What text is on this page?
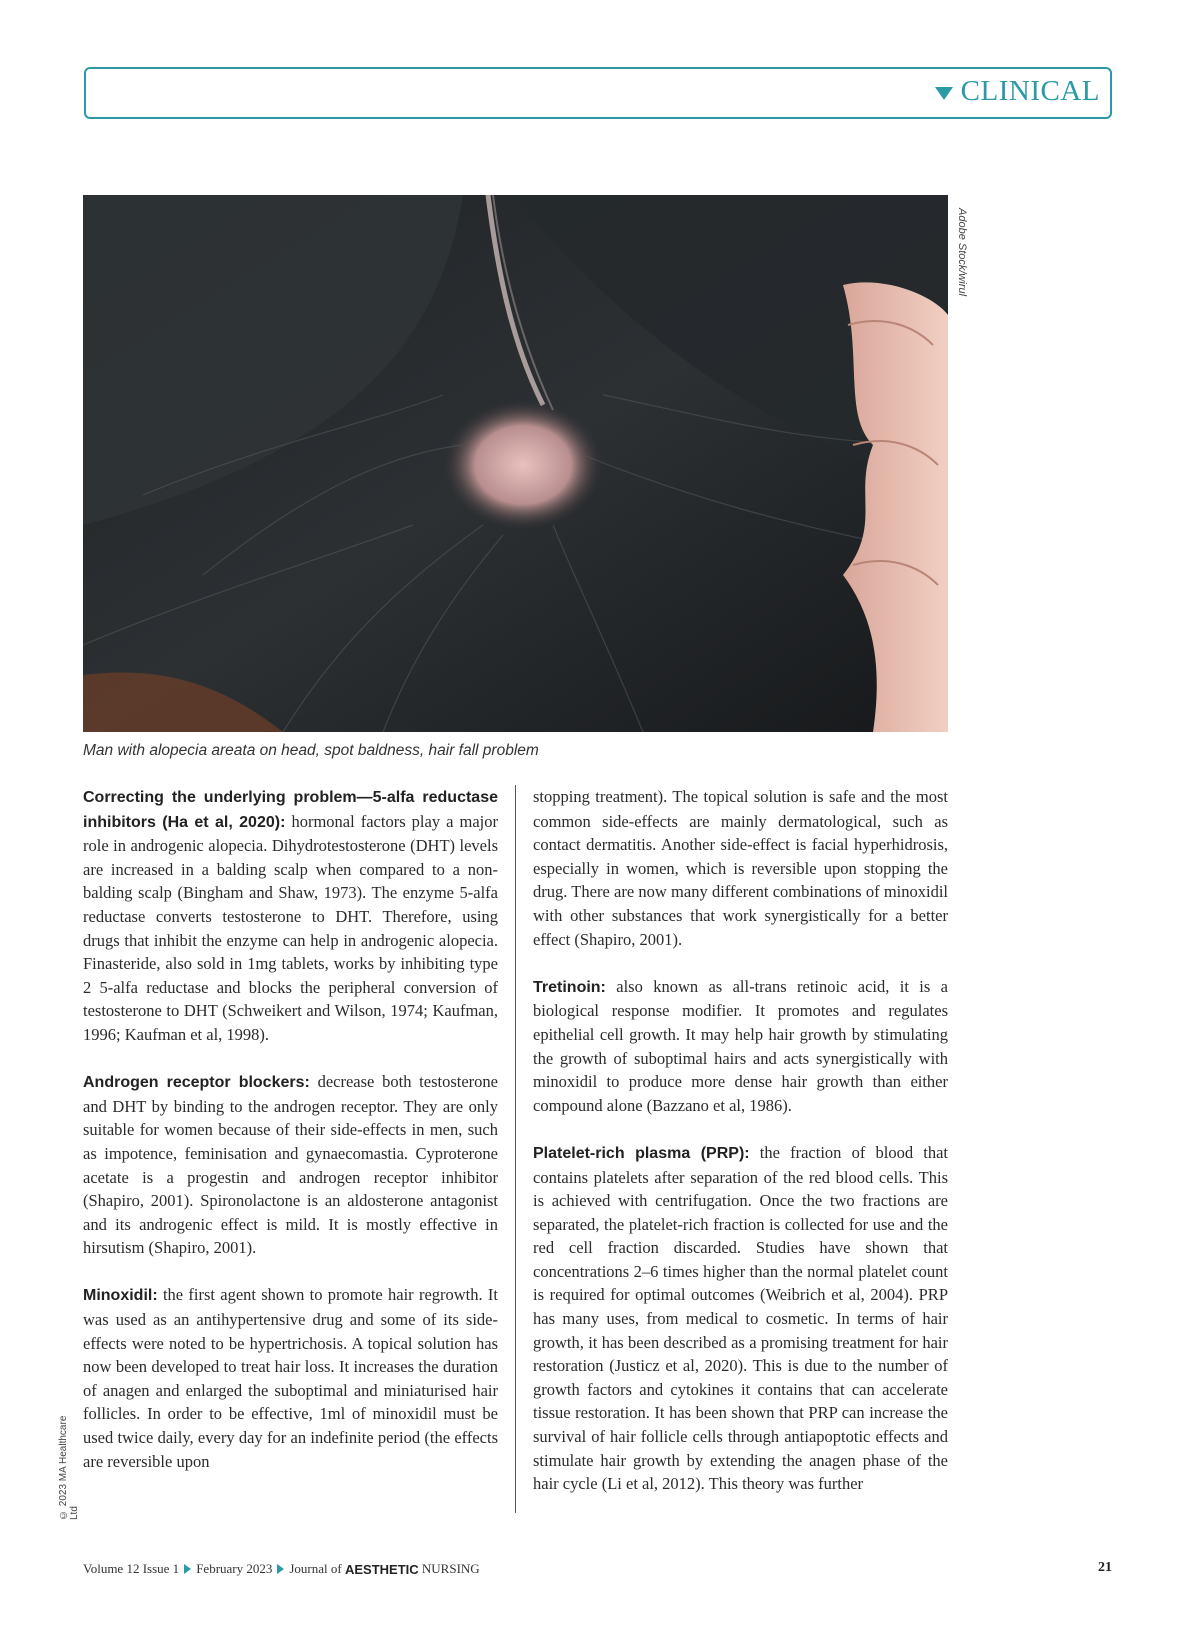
CLINICAL
Adobe Stock/wirul
Man with alopecia areata on head, spot baldness, hair fall problem

Correcting the underlying problem—5-alfa reductase inhibitors (Ha et al, 2020): hormonal factors play a major role in androgenic alopecia. Dihydrotestosterone (DHT) levels are increased in a balding scalp when compared to a non-balding scalp (Bingham and Shaw, 1973). The enzyme 5-alfa reductase converts testosterone to DHT. Therefore, using drugs that inhibit the enzyme can help in androgenic alopecia. Finasteride, also sold in 1mg tablets, works by inhibiting type 2 5-alfa reductase and blocks the peripheral conversion of testosterone to DHT (Schweikert and Wilson, 1974; Kaufman, 1996; Kaufman et al, 1998).

Androgen receptor blockers: decrease both testosterone and DHT by binding to the androgen receptor. They are only suitable for women because of their side-effects in men, such as impotence, feminisation and gynaecomastia. Cyproterone acetate is a progestin and androgen receptor inhibitor (Shapiro, 2001). Spironolactone is an aldosterone antagonist and its androgenic effect is mild. It is mostly effective in hirsutism (Shapiro, 2001).

Minoxidil: the first agent shown to promote hair regrowth. It was used as an antihypertensive drug and some of its side-effects were noted to be hypertrichosis. A topical solution has now been developed to treat hair loss. It increases the duration of anagen and enlarged the suboptimal and miniaturised hair follicles. In order to be effective, 1ml of minoxidil must be used twice daily, every day for an indefinite period (the effects are reversible upon

stopping treatment). The topical solution is safe and the most common side-effects are mainly dermatological, such as contact dermatitis. Another side-effect is facial hyperhidrosis, especially in women, which is reversible upon stopping the drug. There are now many different combinations of minoxidil with other substances that work synergistically for a better effect (Shapiro, 2001).

Tretinoin: also known as all-trans retinoic acid, it is a biological response modifier. It promotes and regulates epithelial cell growth. It may help hair growth by stimulating the growth of suboptimal hairs and acts synergistically with minoxidil to produce more dense hair growth than either compound alone (Bazzano et al, 1986).

Platelet-rich plasma (PRP): the fraction of blood that contains platelets after separation of the red blood cells. This is achieved with centrifugation. Once the two fractions are separated, the platelet-rich fraction is collected for use and the red cell fraction discarded. Studies have shown that concentrations 2–6 times higher than the normal platelet count is required for optimal outcomes (Weibrich et al, 2004). PRP has many uses, from medical to cosmetic. In terms of hair growth, it has been described as a promising treatment for hair restoration (Justicz et al, 2020). This is due to the number of growth factors and cytokines it contains that can accelerate tissue restoration. It has been shown that PRP can increase the survival of hair follicle cells through antiapoptotic effects and stimulate hair growth by extending the anagen phase of the hair cycle (Li et al, 2012). This theory was further

© 2023 MA Healthcare Ltd
Volume 12 Issue 1 February 2023 Journal of AESTHETIC NURSING	21
